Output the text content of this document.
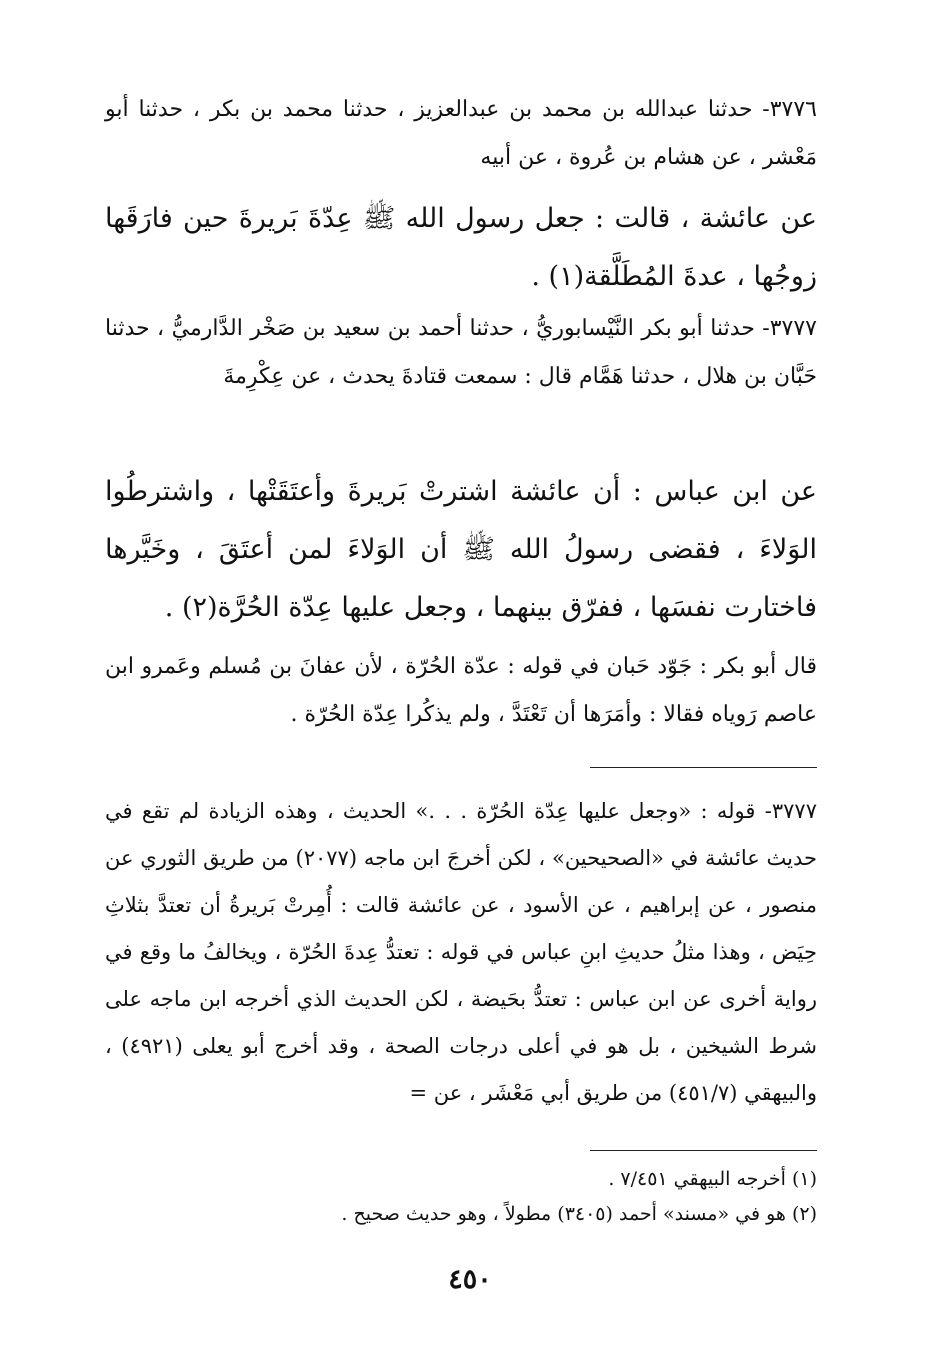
٣٧٧٦- حدثنا عبدالله بن محمد بن عبدالعزيز ، حدثنا محمد بن بكر ، حدثنا أبو مَعْشر ، عن هشام بن عُروة ، عن أبيه

عن عائشة ، قالت : جعل رسول الله ﷺ عِدّةَ بَريرةَ حين فارَقَها زوجُها ، عدةَ المُطَلَّقة(١) .

٣٧٧٧- حدثنا أبو بكر النَّيْسابوريُّ ، حدثنا أحمد بن سعيد بن صَخْر الدَّارميُّ ، حدثنا حَبَّان بن هلال ، حدثنا هَمَّام قال : سمعت قتادةَ يحدث ، عن عِكْرِمةَ

عن ابن عباس : أن عائشة اشترتْ بَريرةَ وأعتَقَتْها ، واشترطُوا الوَلاءَ ، فقضى رسولُ الله ﷺ أن الوَلاءَ لمن أعتَقَ ، وخَيَّرها فاختارت نفسَها ، ففرّق بينهما ، وجعل عليها عِدّة الحُرَّة(٢) .

قال أبو بكر : جَوّد حَبان في قوله : عدّة الحُرّة ، لأن عفانَ بن مُسلم وعَمرو ابن عاصم رَوياه فقالا : وأمَرَها أن تَعْتَدَّ ، ولم يذكُرا عِدّة الحُرّة .

٣٧٧٧- قوله : «وجعل عليها عِدّة الحُرّة . . .» الحديث ، وهذه الزيادة لم تقع في حديث عائشة في «الصحيحين» ، لكن أخرجَ ابن ماجه (٢٠٧٧) من طريق الثوري عن منصور ، عن إبراهيم ، عن الأسود ، عن عائشة قالت : أُمِرتْ بَريرةُ أن تعتدَّ بثلاثِ حِيَض ، وهذا مثلُ حديثِ ابنِ عباس في قوله : تعتدُّ عِدةَ الحُرّة ، ويخالفُ ما وقع في رواية أخرى عن ابن عباس : تعتدُّ بحَيضة ، لكن الحديث الذي أخرجه ابن ماجه على شرط الشيخين ، بل هو في أعلى درجات الصحة ، وقد أخرج أبو يعلى (٤٩٢١) ، والبيهقي (٤٥١/٧) من طريق أبي مَعْشَر ، عن =

(١) أخرجه البيهقي ٧/٤٥١ .
(٢) هو في «مسند» أحمد (٣٤٠٥) مطولاً ، وهو حديث صحيح .
٤٥٠
